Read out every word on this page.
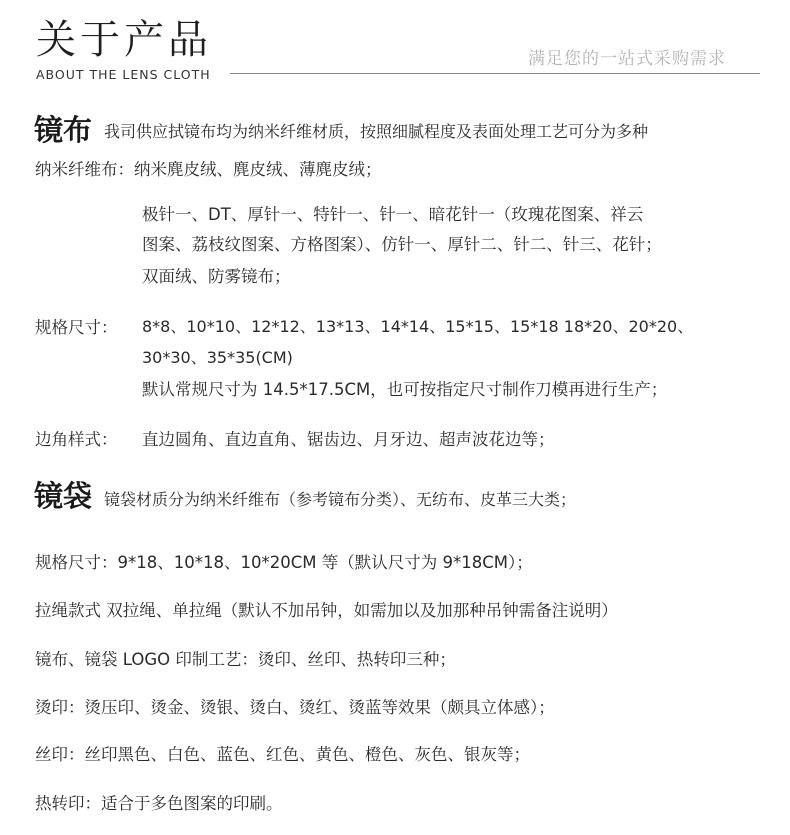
关于产品
ABOUT THE LENS CLOTH
满足您的一站式采购需求
镜布 我司供应拭镜布均为纳米纤维材质，按照细腻程度及表面处理工艺可分为多种
纳米纤维布：纳米麂皮绒、麂皮绒、薄麂皮绒；
极针一、DT、厚针一、特针一、针一、暗花针一（玫瑰花图案、祥云
图案、荔枝纹图案、方格图案）、仿针一、厚针二、针二、针三、花针；
双面绒、防雾镜布；
规格尺寸： 8*8、10*10、12*12、13*13、14*14、15*15、15*18 18*20、20*20、
30*30、35*35(CM)
默认常规尺寸为 14.5*17.5CM，也可按指定尺寸制作刀模再进行生产；
边角样式： 直边圆角、直边直角、锯齿边、月牙边、超声波花边等；
镜袋 镜袋材质分为纳米纤维布（参考镜布分类）、无纺布、皮革三大类；
规格尺寸：9*18、10*18、10*20CM 等（默认尺寸为 9*18CM）；
拉绳款式 双拉绳、单拉绳（默认不加吊钟，如需加以及加那种吊钟需备注说明）
镜布、镜袋 LOGO 印制工艺：烫印、丝印、热转印三种；
烫印：烫压印、烫金、烫银、烫白、烫红、烫蓝等效果（颇具立体感）；
丝印：丝印黑色、白色、蓝色、红色、黄色、橙色、灰色、银灰等；
热转印：适合于多色图案的印刷。
